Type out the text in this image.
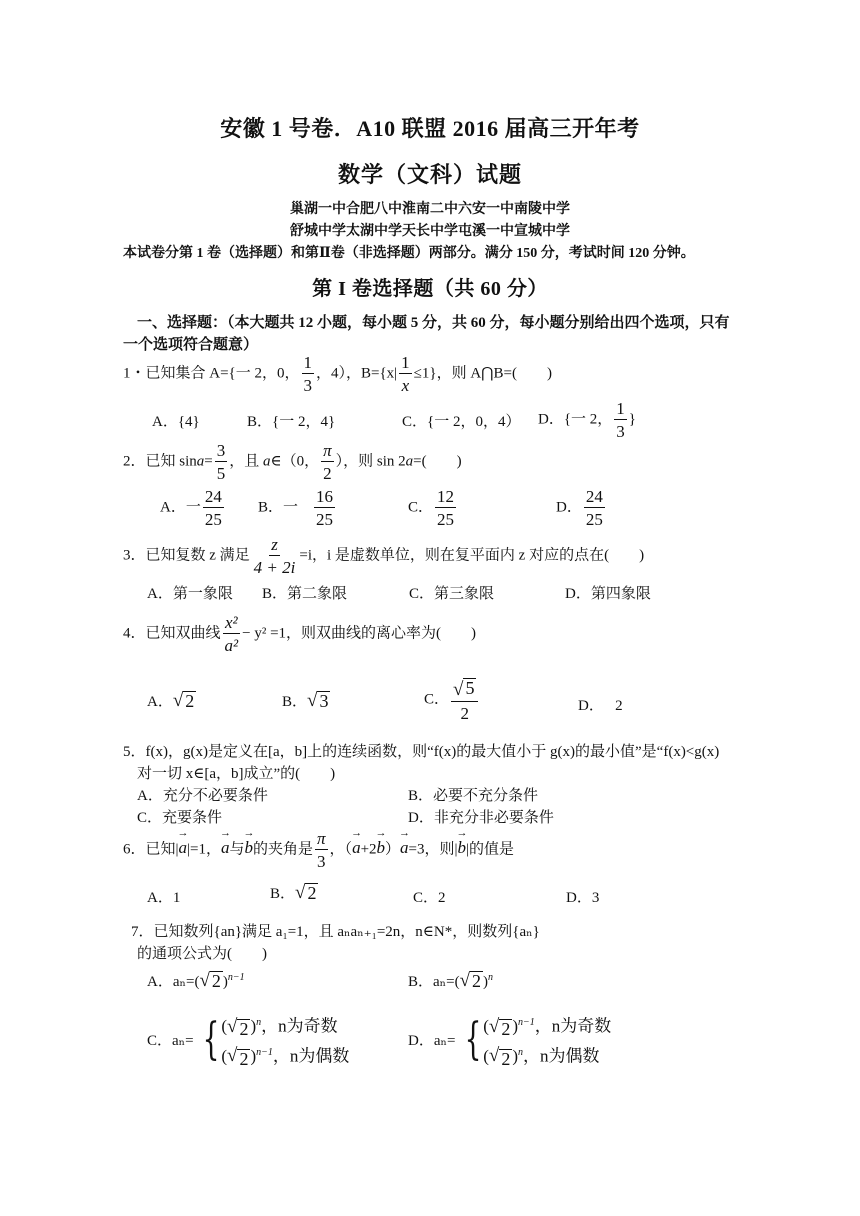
安徽 1 号卷．A10 联盟 2016 届高三开年考
数学（文科）试题
巢湖一中合肥八中淮南二中六安一中南陵中学
舒城中学太湖中学天长中学屯溪一中宣城中学
本试卷分第 1 卷（选择题）和第Ⅱ卷（非选择题）两部分。满分 150 分，考试时间 120 分钟。
第 I 卷选择题（共 60 分）
一、选择题：（本大题共 12 小题，每小题 5 分，共 60 分，每小题分别给出四个选项，只有一个选项符合题意）
1・已知集合 A={一 2，0， $\frac{1}{3}$ ，4），$B=\{x| \frac{1}{x} \le 1\}$，则 A⋂B=(　　)
A．{4}	B．{一 2，4}	C．{一 2，0，4） D．{一 2， $\frac{1}{3}$ }
2．已知 $\sin a= \frac{3}{5}$ ，且 a∈（0， $\frac{\pi}{2}$ ），则 sin 2a=(　　)
A．一 $\frac{24}{25}$ B．一 $\frac{16}{25}$	C． $\frac{12}{25}$	D． $\frac{24}{25}$
3．已知复数 z 满足 $\frac{z}{4 + 2i} =i$，i 是虚数单位，则在复平面内 z 对应的点在(　　)
A．第一象限 B．第二象限	C．第三象限	D．第四象限
4．已知双曲线 $\frac{\text{x²}}{\text{a²}} - y^2 =1$，则双曲线的离心率为(　　)
A． √ 2	B． √ 3	C． $\frac{√ 5}{2}$	D．　 2
5．f(x)，g(x)是定义在[a，b]上的连续函数，则“f(x)的最大值小于 g(x)的最小值”是“f(x)<g(x)
对一切 x∈[a，b]成立”的(　　)
A．充分不必要条件	B．必要不充分条件
C．充要条件	D．非充分非必要条件
6．已知|→ a|=1，→ a与→ b的夹角是 $\frac{\pi}{3}$ ，（→ a+2→ b）→ a=3，则|→ b|的值是
A．1	B． √ 2	C．2	D．3
7．已知数列{an}满足 a₁=1，且 aₙaₙ₊₁=2n，n∈N*，则数列{aₙ}
的通项公式为(　　)
A．aₙ=( √ 2 )$^{n-1}$	B．aₙ=( √ 2 )$^n$
C．aₙ= { ( √ 2 )$^n$，n为奇数
( √ 2 )$^{n-1}$，n为偶数
D．aₙ= { ( √ 2 )$^{n-1}$，n为奇数
( √ 2 )$^n$，n为偶数
